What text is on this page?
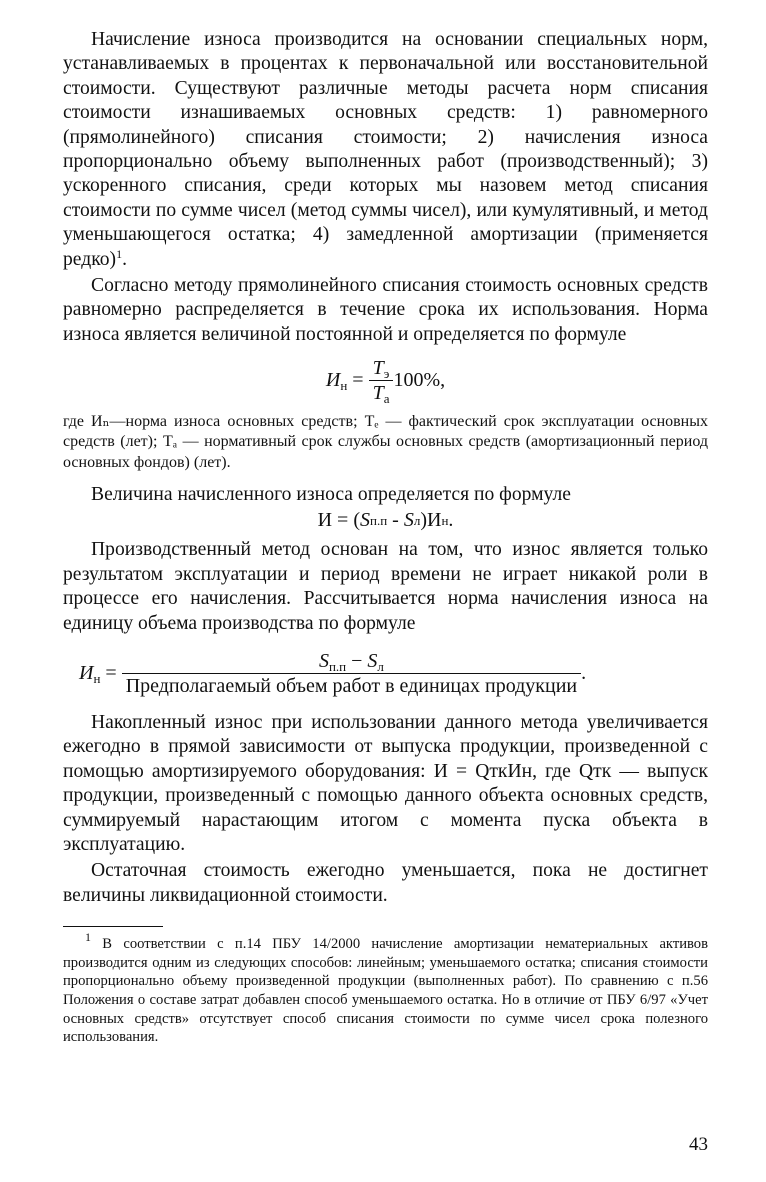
Начисление износа производится на основании специальных норм, устанавливаемых в процентах к первоначальной или восстановительной стоимости. Существуют различные методы расчета норм списания стоимости изнашиваемых основных средств: 1) равномерного (прямолинейного) списания стоимости; 2) начисления износа пропорционально объему выполненных работ (производственный); 3) ускоренного списания, среди которых мы назовем метод списания стоимости по сумме чисел (метод суммы чисел), или кумулятивный, и метод уменьшающегося остатка; 4) замедленной амортизации (применяется редко)$^1$.

Согласно методу прямолинейного списания стоимость основных средств равномерно распределяется в течение срока их использования. Норма износа является величиной постоянной и определяется по формуле

$И_н = \frac{T_э}{T_а} 100\%$,

где Иₙ—норма износа основных средств; Tₑ — фактический срок эксплуатации основных средств (лет); Tₐ — нормативный срок службы основных средств (амортизационный период основных фондов) (лет).

Величина начисленного износа определяется по формуле

И = ( S п.п - S л )И н .

Производственный метод основан на том, что износ является только результатом эксплуатации и период времени не играет никакой роли в процессе его начисления. Рассчитывается норма начисления износа на единицу объема производства по формуле

$И_н = \frac{S_{п.п} - S_л}{\text{Предполагаемый объем работ в единицах продукции}}$ .

Накопленный износ при использовании данного метода увеличивается ежегодно в прямой зависимости от выпуска продукции, произведенной с помощью амортизируемого оборудования: И = QткИн, где Qтк — выпуск продукции, произведенный с помощью данного объекта основных средств, суммируемый нарастающим итогом с момента пуска объекта в эксплуатацию.

Остаточная стоимость ежегодно уменьшается, пока не достигнет величины ликвидационной стоимости.

$^1$ В соответствии с п.14 ПБУ 14/2000 начисление амортизации нематериальных активов производится одним из следующих способов: линейным; уменьшаемого остатка; списания стоимости пропорционально объему произведенной продукции (выполненных работ). По сравнению с п.56 Положения о составе затрат добавлен способ уменьшаемого остатка. Но в отличие от ПБУ 6/97 «Учет основных средств» отсутствует способ списания стоимости по сумме чисел срока полезного использования.

43
